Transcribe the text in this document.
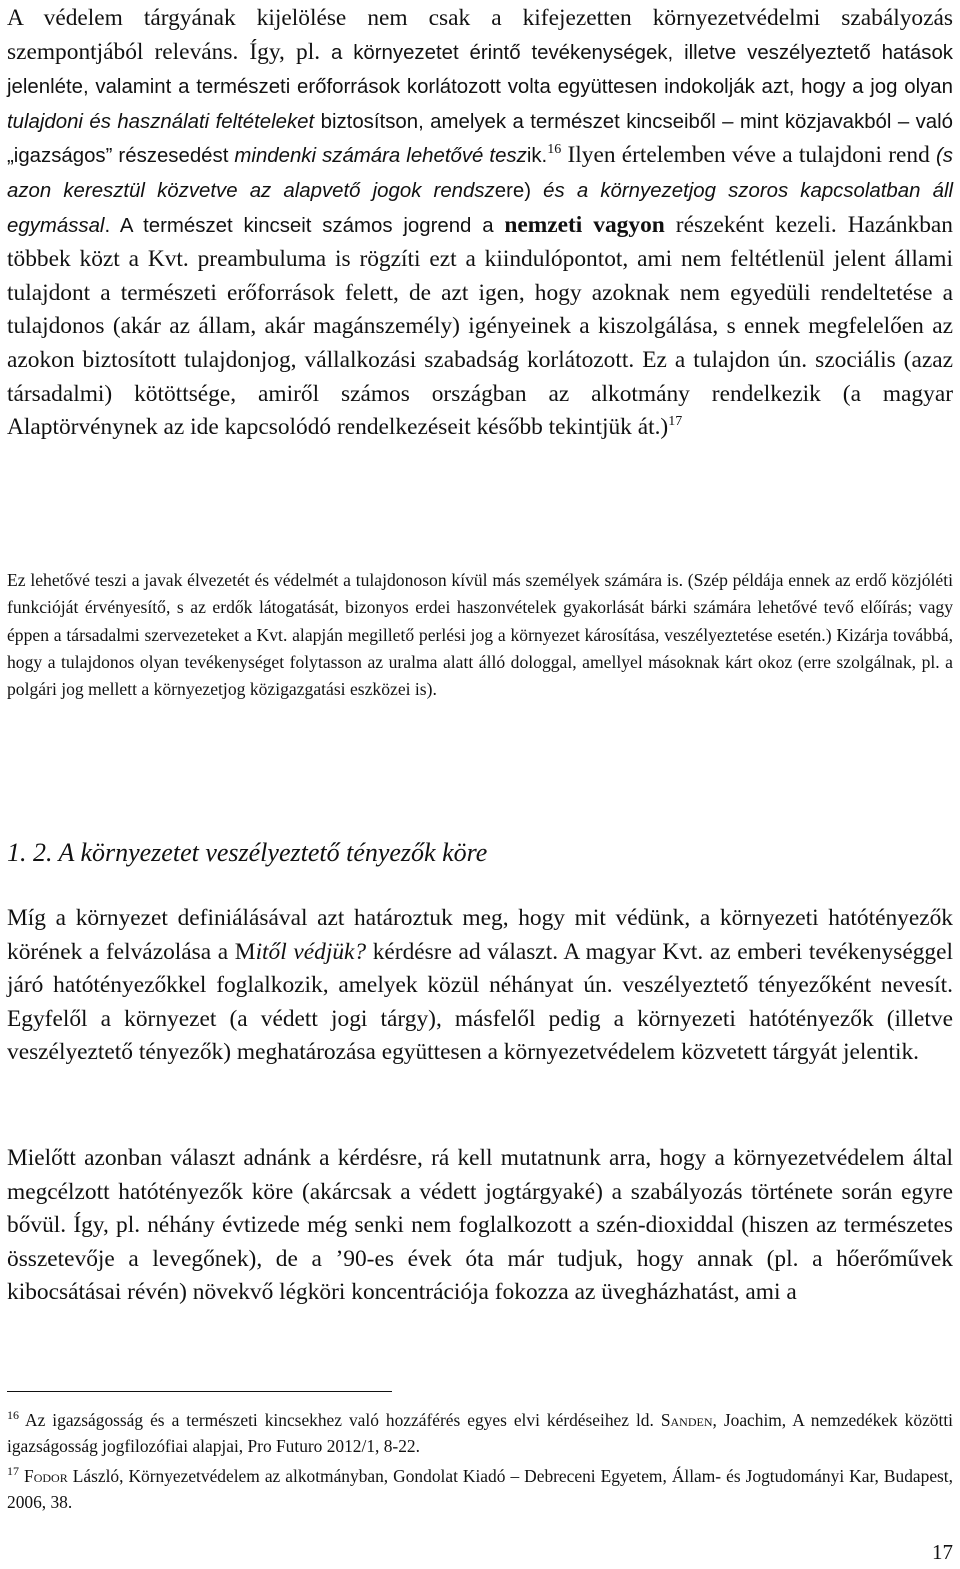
A védelem tárgyának kijelölése nem csak a kifejezetten környezetvédelmi szabályozás szempontjából releváns. Így, pl. a környezetet érintő tevékenységek, illetve veszélyeztető hatások jelenléte, valamint a természeti erőforrások korlátozott volta együttesen indokolják azt, hogy a jog olyan tulajdoni és használati feltételeket biztosítson, amelyek a természet kincseiből – mint közjavakból – való „igazságos” részesedést mindenki számára lehetővé teszik.$^{16}$ Ilyen értelemben véve a tulajdoni rend (s azon keresztül közvetve az alapvető jogok rendszere) és a környezetjog szoros kapcsolatban áll egymással. A természet kincseit számos jogrend a nemzeti vagyon részeként kezeli. Hazánkban többek közt a Kvt. preambuluma is rögzíti ezt a kiindulópontot, ami nem feltétlenül jelent állami tulajdont a természeti erőforrások felett, de azt igen, hogy azoknak nem egyedüli rendeltetése a tulajdonos (akár az állam, akár magánszemély) igényeinek a kiszolgálása, s ennek megfelelően az azokon biztosított tulajdonjog, vállalkozási szabadság korlátozott. Ez a tulajdon ún. szociális (azaz társadalmi) kötöttsége, amiről számos országban az alkotmány rendelkezik (a magyar Alaptörvénynek az ide kapcsolódó rendelkezéseit később tekintjük át.)$^{17}$

Ez lehetővé teszi a javak élvezetét és védelmét a tulajdonoson kívül más személyek számára is. (Szép példája ennek az erdő közjóléti funkcióját érvényesítő, s az erdők látogatását, bizonyos erdei haszonvételek gyakorlását bárki számára lehetővé tevő előírás; vagy éppen a társadalmi szervezeteket a Kvt. alapján megillető perlési jog a környezet károsítása, veszélyeztetése esetén.) Kizárja továbbá, hogy a tulajdonos olyan tevékenységet folytasson az uralma alatt álló dologgal, amellyel másoknak kárt okoz (erre szolgálnak, pl. a polgári jog mellett a környezetjog közigazgatási eszközei is).

1. 2. A környezetet veszélyeztető tényezők köre

Míg a környezet definiálásával azt határoztuk meg, hogy mit védünk, a környezeti hatótényezők körének a felvázolása a Mitől védjük? kérdésre ad választ. A magyar Kvt. az emberi tevékenységgel járó hatótényezőkkel foglalkozik, amelyek közül néhányat ún. veszélyeztető tényezőként nevesít. Egyfelől a környezet (a védett jogi tárgy), másfelől pedig a környezeti hatótényezők (illetve veszélyeztető tényezők) meghatározása együttesen a környezetvédelem közvetett tárgyát jelentik.

Mielőtt azonban választ adnánk a kérdésre, rá kell mutatnunk arra, hogy a környezetvédelem által megcélzott hatótényezők köre (akárcsak a védett jogtárgyaké) a szabályozás története során egyre bővül. Így, pl. néhány évtizede még senki nem foglalkozott a szén-dioxiddal (hiszen az természetes összetevője a levegőnek), de a ’90-es évek óta már tudjuk, hogy annak (pl. a hőerőművek kibocsátásai révén) növekvő légköri koncentrációja fokozza az üvegházhatást, ami a

$^{16}$ Az igazságosság és a természeti kincsekhez való hozzáférés egyes elvi kérdéseihez ld. Sanden, Joachim, A nemzedékek közötti igazságosság jogfilozófiai alapjai, Pro Futuro 2012/1, 8-22.

$^{17}$ Fodor László, Környezetvédelem az alkotmányban, Gondolat Kiadó – Debreceni Egyetem, Állam- és Jogtudományi Kar, Budapest, 2006, 38.

17
